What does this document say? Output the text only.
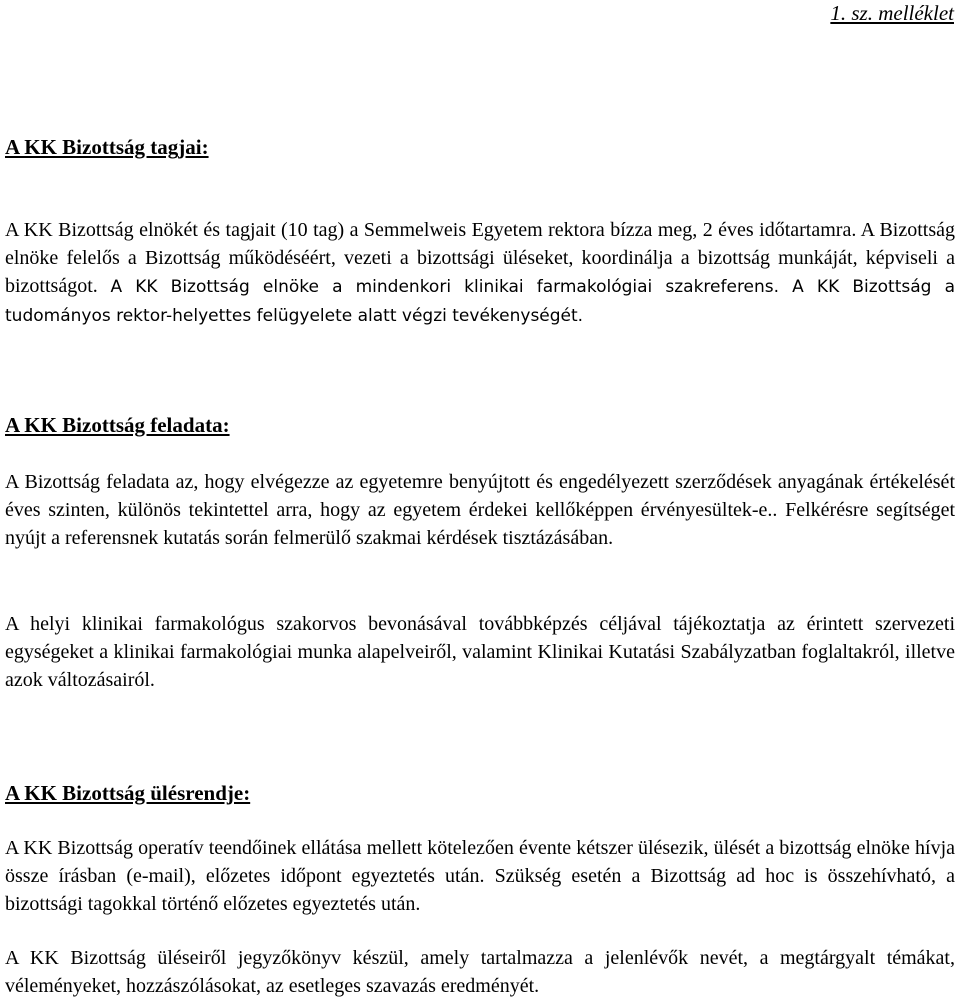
1. sz. melléklet
A KK Bizottság tagjai:

A KK Bizottság elnökét és tagjait (10 tag) a Semmelweis Egyetem rektora bízza meg, 2 éves időtartamra. A Bizottság elnöke felelős a Bizottság működéséért, vezeti a bizottsági üléseket, koordinálja a bizottság munkáját, képviseli a bizottságot. A KK Bizottság elnöke a mindenkori klinikai farmakológiai szakreferens. A KK Bizottság a tudományos rektor-helyettes felügyelete alatt végzi tevékenységét.

A KK Bizottság feladata:

A Bizottság feladata az, hogy elvégezze az egyetemre benyújtott és engedélyezett szerződések anyagának értékelését éves szinten, különös tekintettel arra, hogy az egyetem érdekei kellőképpen érvényesültek-e.. Felkérésre segítséget nyújt a referensnek kutatás során felmerülő szakmai kérdések tisztázásában.

A helyi klinikai farmakológus szakorvos bevonásával továbbképzés céljával tájékoztatja az érintett szervezeti egységeket a klinikai farmakológiai munka alapelveiről, valamint Klinikai Kutatási Szabályzatban foglaltakról, illetve azok változásairól.

A KK Bizottság ülésrendje:

A KK Bizottság operatív teendőinek ellátása mellett kötelezően évente kétszer ülésezik, ülését a bizottság elnöke hívja össze írásban (e-mail), előzetes időpont egyeztetés után. Szükség esetén a Bizottság ad hoc is összehívható, a bizottsági tagokkal történő előzetes egyeztetés után.

A KK Bizottság üléseiről jegyzőkönyv készül, amely tartalmazza a jelenlévők nevét, a megtárgyalt témákat, véleményeket, hozzászólásokat, az esetleges szavazás eredményét.
